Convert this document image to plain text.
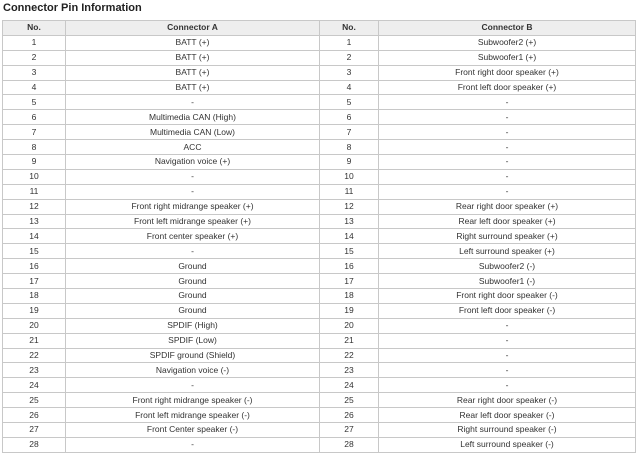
Connector Pin Information
No.	Connector A	No.	Connector B
1	BATT (+)	1	Subwoofer2 (+)
2	BATT (+)	2	Subwoofer1 (+)
3	BATT (+)	3	Front right door speaker (+)
4	BATT (+)	4	Front left door speaker (+)
5	-	5	-
6	Multimedia CAN (High)	6	-
7	Multimedia CAN (Low)	7	-
8	ACC	8	-
9	Navigation voice (+)	9	-
10	-	10	-
11	-	11	-
12	Front right midrange speaker (+)	12	Rear right door speaker (+)
13	Front left midrange speaker (+)	13	Rear left door speaker (+)
14	Front center speaker (+)	14	Right surround speaker (+)
15	-	15	Left surround speaker (+)
16	Ground	16	Subwoofer2 (-)
17	Ground	17	Subwoofer1 (-)
18	Ground	18	Front right door speaker (-)
19	Ground	19	Front left door speaker (-)
20	SPDIF (High)	20	-
21	SPDIF (Low)	21	-
22	SPDIF ground (Shield)	22	-
23	Navigation voice (-)	23	-
24	-	24	-
25	Front right midrange speaker (-)	25	Rear right door speaker (-)
26	Front left midrange speaker (-)	26	Rear left door speaker (-)
27	Front Center speaker (-)	27	Right surround speaker (-)
28	-	28	Left surround speaker (-)
